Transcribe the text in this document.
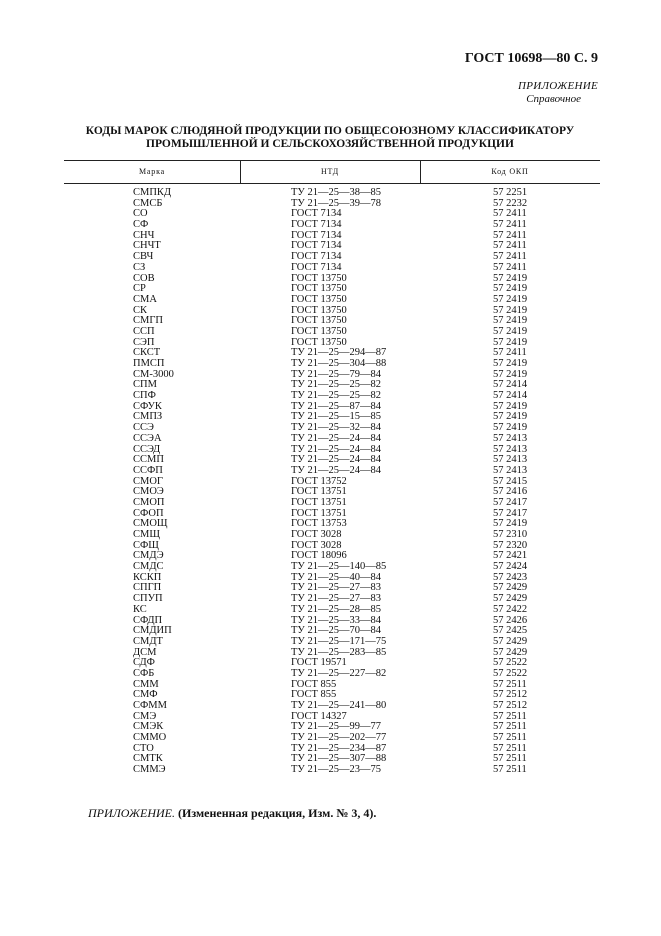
ГОСТ 10698—80 С. 9
ПРИЛОЖЕНИЕ
Справочное
КОДЫ МАРОК СЛЮДЯНОЙ ПРОДУКЦИИ ПО ОБЩЕСОЮЗНОМУ КЛАССИФИКАТОРУ
ПРОМЫШЛЕННОЙ И СЕЛЬСКОХОЗЯЙСТВЕННОЙ ПРОДУКЦИИ
Марка	НТД	Код ОКП
СМПКД	ТУ 21—25—38—85	57 2251
СМСБ	ТУ 21—25—39—78	57 2232
СО	ГОСТ 7134	57 2411
СФ	ГОСТ 7134	57 2411
СНЧ	ГОСТ 7134	57 2411
СНЧТ	ГОСТ 7134	57 2411
СВЧ	ГОСТ 7134	57 2411
СЗ	ГОСТ 7134	57 2411
СОВ	ГОСТ 13750	57 2419
СР	ГОСТ 13750	57 2419
СМА	ГОСТ 13750	57 2419
СК	ГОСТ 13750	57 2419
СМГП	ГОСТ 13750	57 2419
ССП	ГОСТ 13750	57 2419
СЭП	ГОСТ 13750	57 2419
СКСТ	ТУ 21—25—294—87	57 2411
ПМСП	ТУ 21—25—304—88	57 2419
СМ-3000	ТУ 21—25—79—84	57 2419
СПМ	ТУ 21—25—25—82	57 2414
СПФ	ТУ 21—25—25—82	57 2414
СФУК	ТУ 21—25—87—84	57 2419
СМПЗ	ТУ 21—25—15—85	57 2419
ССЭ	ТУ 21—25—32—84	57 2419
ССЭА	ТУ 21—25—24—84	57 2413
ССЭД	ТУ 21—25—24—84	57 2413
ССМП	ТУ 21—25—24—84	57 2413
ССФП	ТУ 21—25—24—84	57 2413
СМОГ	ГОСТ 13752	57 2415
СМОЭ	ГОСТ 13751	57 2416
СМОП	ГОСТ 13751	57 2417
СФОП	ГОСТ 13751	57 2417
СМОЩ	ГОСТ 13753	57 2419
СМЩ	ГОСТ 3028	57 2310
СФЩ	ГОСТ 3028	57 2320
СМДЭ	ГОСТ 18096	57 2421
СМДС	ТУ 21—25—140—85	57 2424
КСКП	ТУ 21—25—40—84	57 2423
СПГП	ТУ 21—25—27—83	57 2429
СПУП	ТУ 21—25—27—83	57 2429
КС	ТУ 21—25—28—85	57 2422
СФДП	ТУ 21—25—33—84	57 2426
СМДИП	ТУ 21—25—70—84	57 2425
СМДТ	ТУ 21—25—171—75	57 2429
ДСМ	ТУ 21—25—283—85	57 2429
СДФ	ГОСТ 19571	57 2522
СФБ	ТУ 21—25—227—82	57 2522
СММ	ГОСТ 855	57 2511
СМФ	ГОСТ 855	57 2512
СФММ	ТУ 21—25—241—80	57 2512
СМЭ	ГОСТ 14327	57 2511
СМЭК	ТУ 21—25—99—77	57 2511
СММО	ТУ 21—25—202—77	57 2511
СТО	ТУ 21—25—234—87	57 2511
СМТК	ТУ 21—25—307—88	57 2511
СММЭ	ТУ 21—25—23—75	57 2511
ПРИЛОЖЕНИЕ. (Измененная редакция, Изм. № 3, 4).
